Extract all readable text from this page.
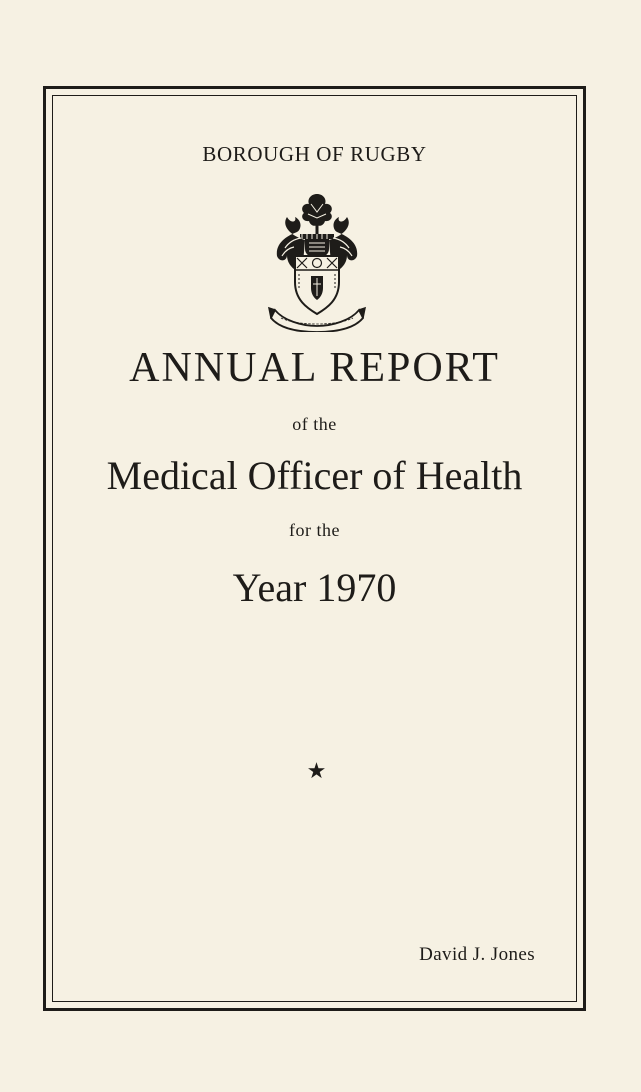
BOROUGH OF RUGBY
ANNUAL REPORT
of the
Medical Officer of Health
for the
Year 1970
★
David J. Jones
